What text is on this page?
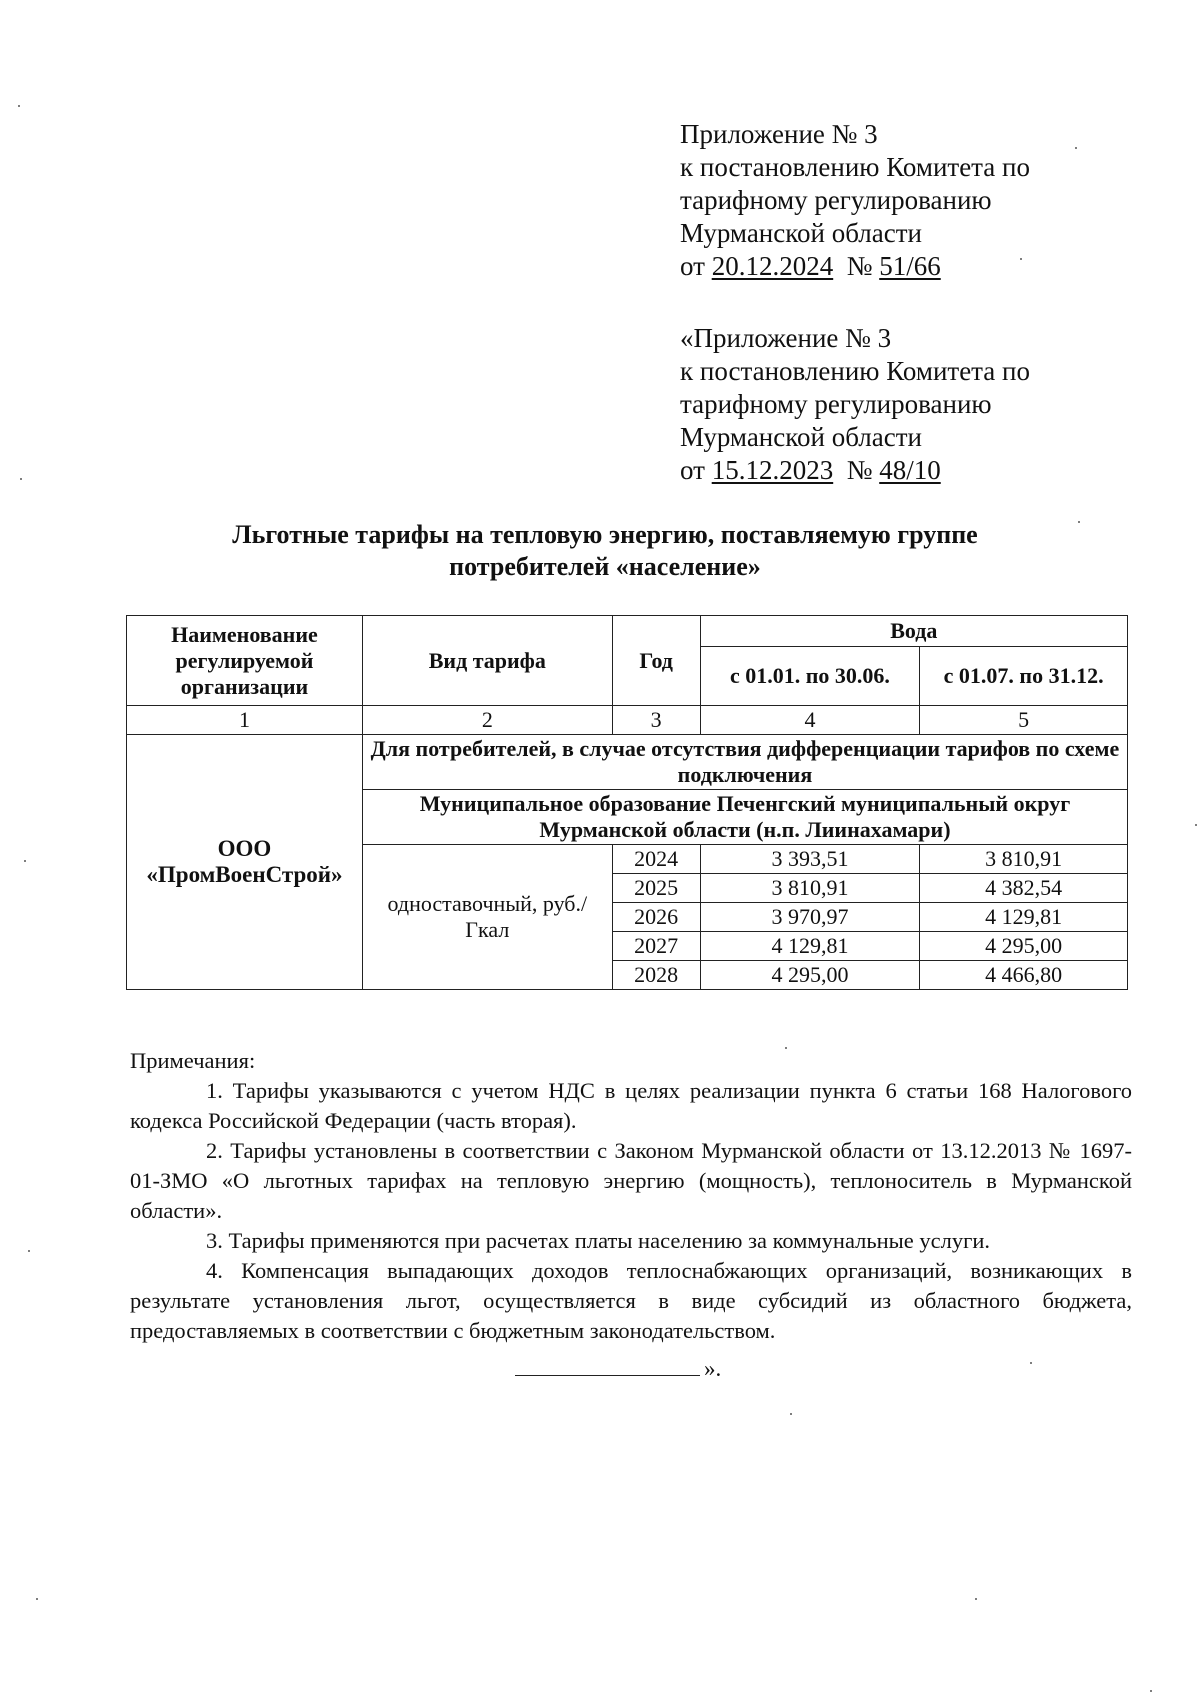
Приложение № 3
к постановлению Комитета по
тарифному регулированию
Мурманской области
от 20.12.2024 № 51/66
«Приложение № 3
к постановлению Комитета по
тарифному регулированию
Мурманской области
от 15.12.2023 № 48/10
Льготные тарифы на тепловую энергию, поставляемую группе
потребителей «население»
Наименование регулируемой организации	Вид тарифа	Год	Вода	
			с 01.01. по 30.06.	с 01.07. по 31.12.
1	2	3	4	5
ООО «ПромВоенСтрой»	Для потребителей, в случае отсутствия дифференциации тарифов по схеме подключения			
	Муниципальное образование Печенгский муниципальный округ Мурманской области (н.п. Лиинахамари)			
	одноставочный, руб./Гкал	2024	3 393,51	3 810,91
		2025	3 810,91	4 382,54
		2026	3 970,97	4 129,81
		2027	4 129,81	4 295,00
		2028	4 295,00	4 466,80

Примечания:

1. Тарифы указываются с учетом НДС в целях реализации пункта 6 статьи 168 Налогового кодекса Российской Федерации (часть вторая).

2. Тарифы установлены в соответствии с Законом Мурманской области от 13.12.2013 № 1697-01-ЗМО «О льготных тарифах на тепловую энергию (мощность), теплоноситель в Мурманской области».

3. Тарифы применяются при расчетах платы населению за коммунальные услуги.

4. Компенсация выпадающих доходов теплоснабжающих организаций, возникающих в результате установления льгот, осуществляется в виде субсидий из областного бюджета, предоставляемых в соответствии с бюджетным законодательством.

».
